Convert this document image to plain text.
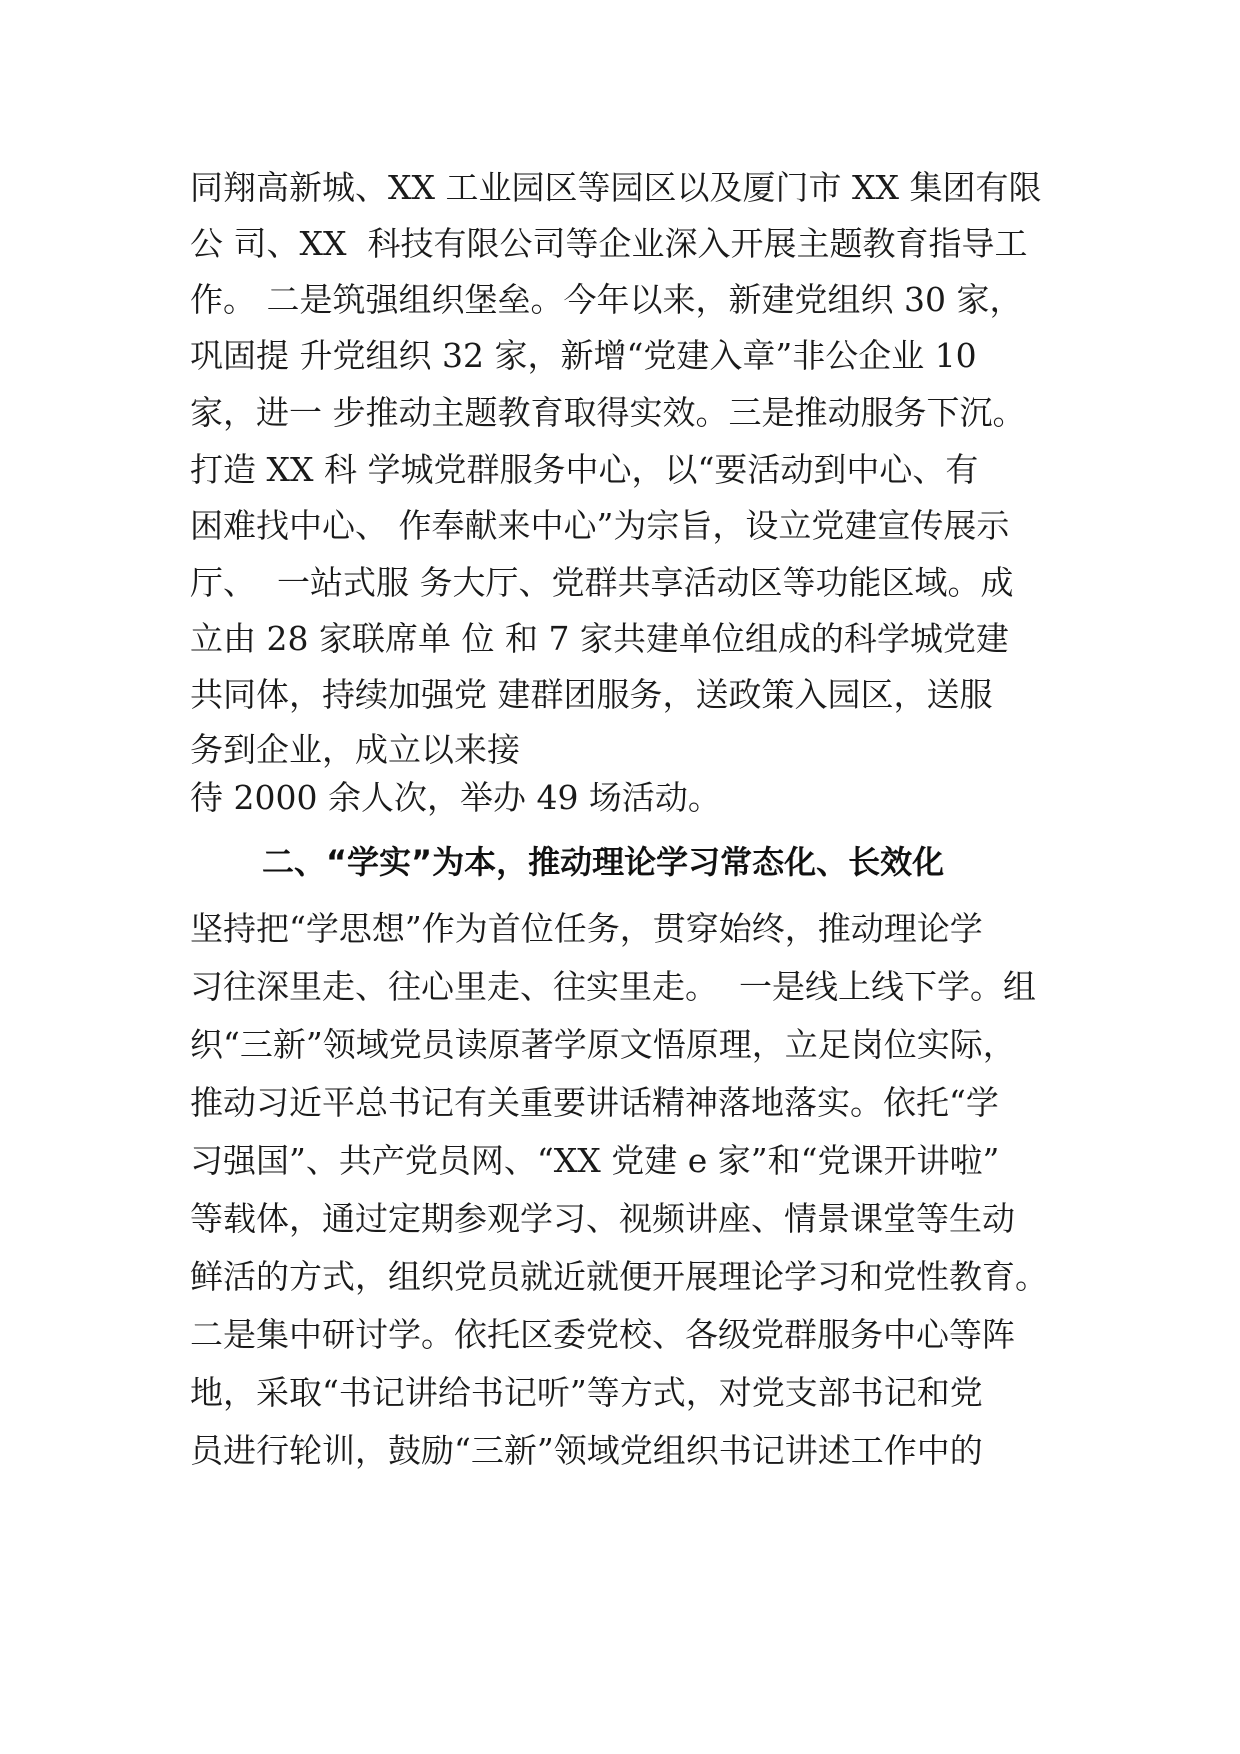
同翔高新城、XX 工业园区等园区以及厦门市 XX 集团有限
公 司、XX  科技有限公司等企业深入开展主题教育指导工
作。 二是筑强组织堡垒。今年以来，新建党组织 30 家，
巩固提 升党组织 32 家，新增“党建入章”非公企业 10
家，进一 步推动主题教育取得实效。三是推动服务下沉。
打造 XX 科 学城党群服务中心，以“要活动到中心、有
困难找中心、 作奉献来中心”为宗旨，设立党建宣传展示
厅、  一站式服 务大厅、党群共享活动区等功能区域。成
立由 28 家联席单 位 和 7 家共建单位组成的科学城党建
共同体，持续加强党 建群团服务，送政策入园区，送服
务到企业，成立以来接
待 2000 余人次，举办 49 场活动。
二、“学实”为本，推动理论学习常态化、长效化
坚持把“学思想”作为首位任务，贯穿始终，推动理论学
习往深里走、往心里走、往实里走。  一是线上线下学。组
织“三新”领域党员读原著学原文悟原理，立足岗位实际，
推动习近平总书记有关重要讲话精神落地落实。依托“学
习强国”、共产党员网、“XX 党建 e 家”和“党课开讲啦”
等载体，通过定期参观学习、视频讲座、情景课堂等生动
鲜活的方式，组织党员就近就便开展理论学习和党性教育。
二是集中研讨学。依托区委党校、各级党群服务中心等阵
地，采取“书记讲给书记听”等方式，对党支部书记和党
员进行轮训，鼓励“三新”领域党组织书记讲述工作中的
